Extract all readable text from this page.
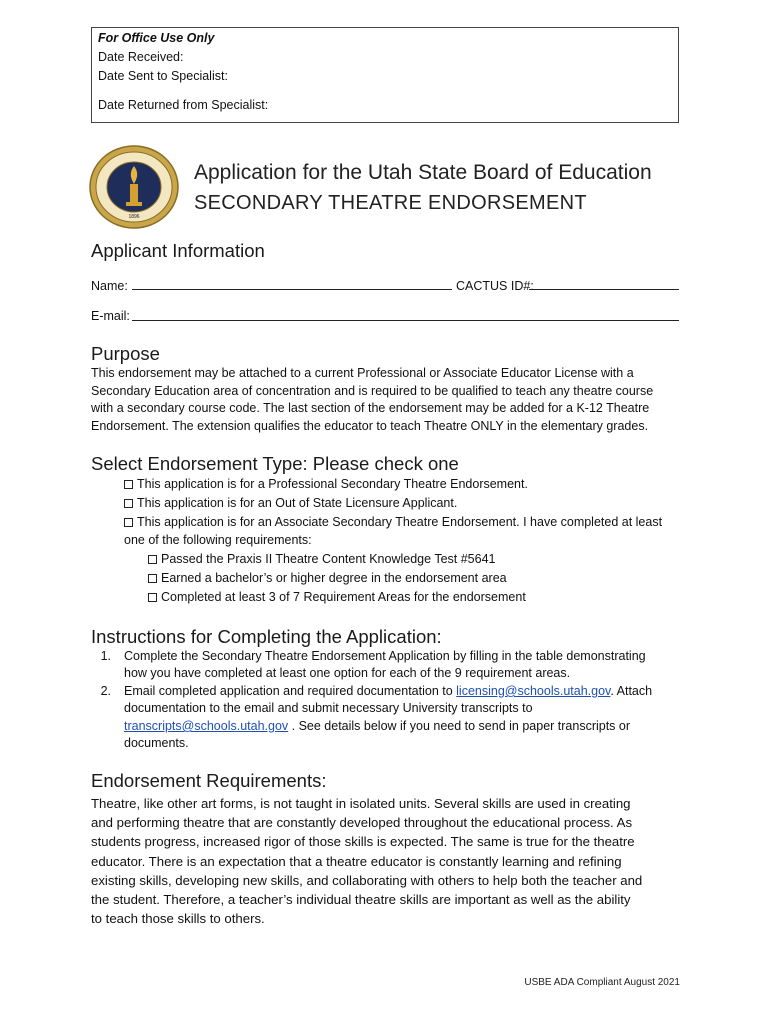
For Office Use Only
Date Received:
Date Sent to Specialist:
Date Returned from Specialist:
1896
Application for the Utah State Board of Education
SECONDARY THEATRE ENDORSEMENT
Applicant Information
Name:	CACTUS ID#:
E-mail:
Purpose
This endorsement may be attached to a current Professional or Associate Educator License with a
Secondary Education area of concentration and is required to be qualified to teach any theatre course
with a secondary course code. The last section of the endorsement may be added for a K-12 Theatre
Endorsement. The extension qualifies the educator to teach Theatre ONLY in the elementary grades.
Select Endorsement Type: Please check one
This application is for a Professional Secondary Theatre Endorsement.
This application is for an Out of State Licensure Applicant.
This application is for an Associate Secondary Theatre Endorsement. I have completed at least
one of the following requirements:
Passed the Praxis II Theatre Content Knowledge Test #5641
Earned a bachelor’s or higher degree in the endorsement area
Completed at least 3 of 7 Requirement Areas for the endorsement
Instructions for Completing the Application:
1. Complete the Secondary Theatre Endorsement Application by filling in the table demonstrating
how you have completed at least one option for each of the 9 requirement areas.
2. Email completed application and required documentation to licensing@schools.utah.gov. Attach
documentation to the email and submit necessary University transcripts to
transcripts@schools.utah.gov . See details below if you need to send in paper transcripts or
documents.
Endorsement Requirements:
Theatre, like other art forms, is not taught in isolated units. Several skills are used in creating
and performing theatre that are constantly developed throughout the educational process. As
students progress, increased rigor of those skills is expected. The same is true for the theatre
educator. There is an expectation that a theatre educator is constantly learning and refining
existing skills, developing new skills, and collaborating with others to help both the teacher and
the student. Therefore, a teacher’s individual theatre skills are important as well as the ability
to teach those skills to others.
USBE ADA Compliant August 2021
